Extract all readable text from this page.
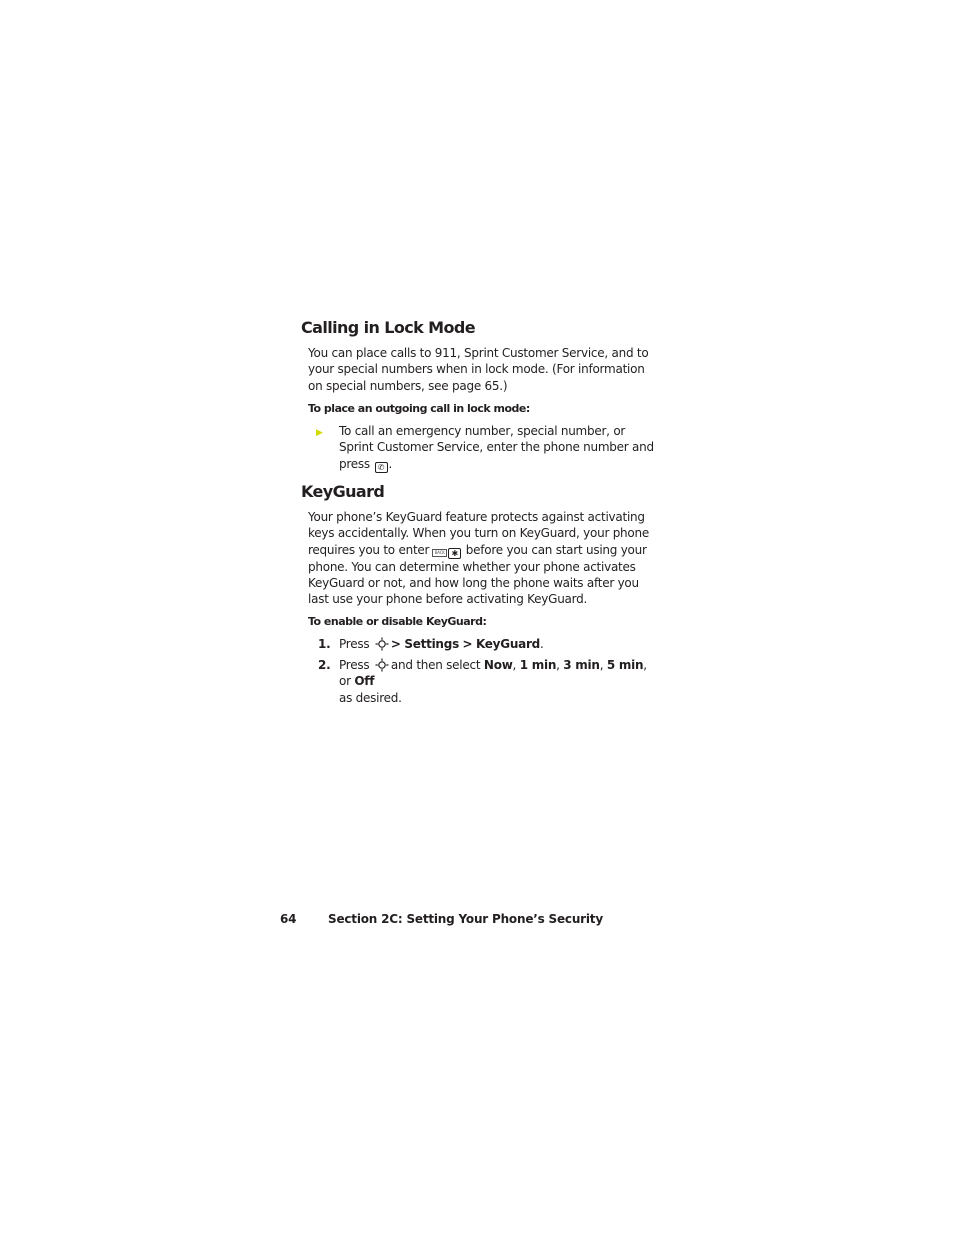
Calling in Lock Mode

You can place calls to 911, Sprint Customer Service, and to your special numbers when in lock mode. (For information on special numbers, see page 65.)

To place an outgoing call in lock mode:

▶ To call an emergency number, special number, or Sprint Customer Service, enter the phone number and press ✆ .
KeyGuard

Your phone’s KeyGuard feature protects against activating keys accidentally. When you turn on KeyGuard, your phone requires you to enter BACK ✱ before you can start using your phone. You can determine whether your phone activates KeyGuard or not, and how long the phone waits after you last use your phone before activating KeyGuard.

To enable or disable KeyGuard:

1. Press > Settings > KeyGuard.
2. Press and then select Now, 1 min, 3 min, 5 min, or Off
as desired.
64	Section 2C: Setting Your Phone’s Security
